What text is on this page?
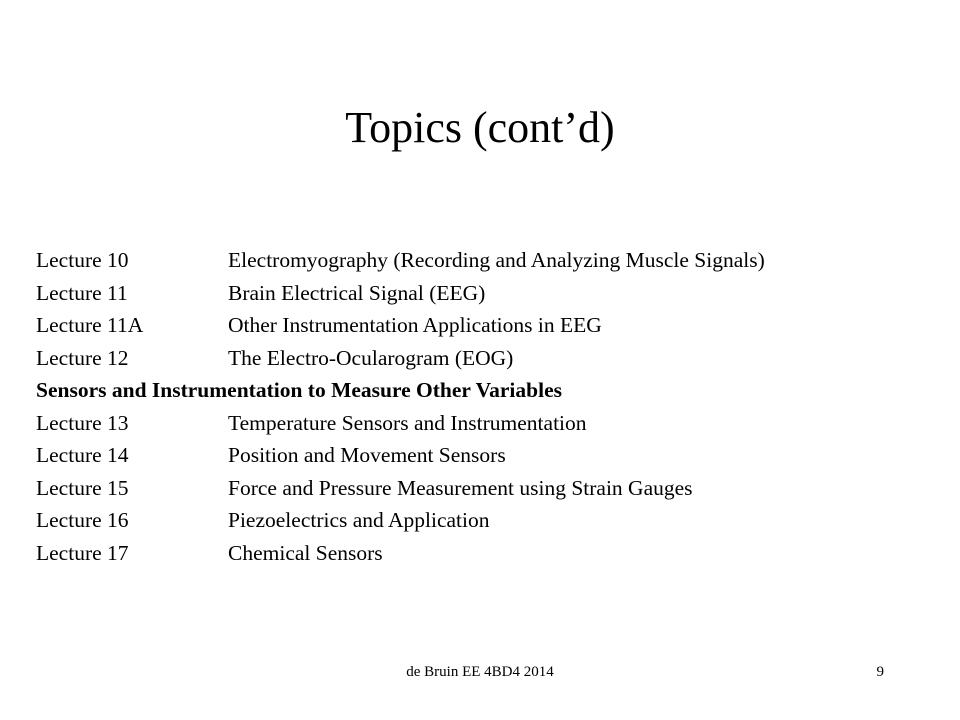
Topics (cont’d)
Lecture 10	Electromyography (Recording and Analyzing Muscle Signals)
Lecture 11	Brain Electrical Signal (EEG)
Lecture 11A	Other Instrumentation Applications in EEG
Lecture 12	The Electro-Ocularogram (EOG)
Sensors and Instrumentation to Measure Other Variables
Lecture 13	Temperature Sensors and Instrumentation
Lecture 14	Position and Movement Sensors
Lecture 15	Force and Pressure Measurement using Strain Gauges
Lecture 16	Piezoelectrics and Application
Lecture 17	Chemical Sensors
de Bruin EE 4BD4 2014	9
